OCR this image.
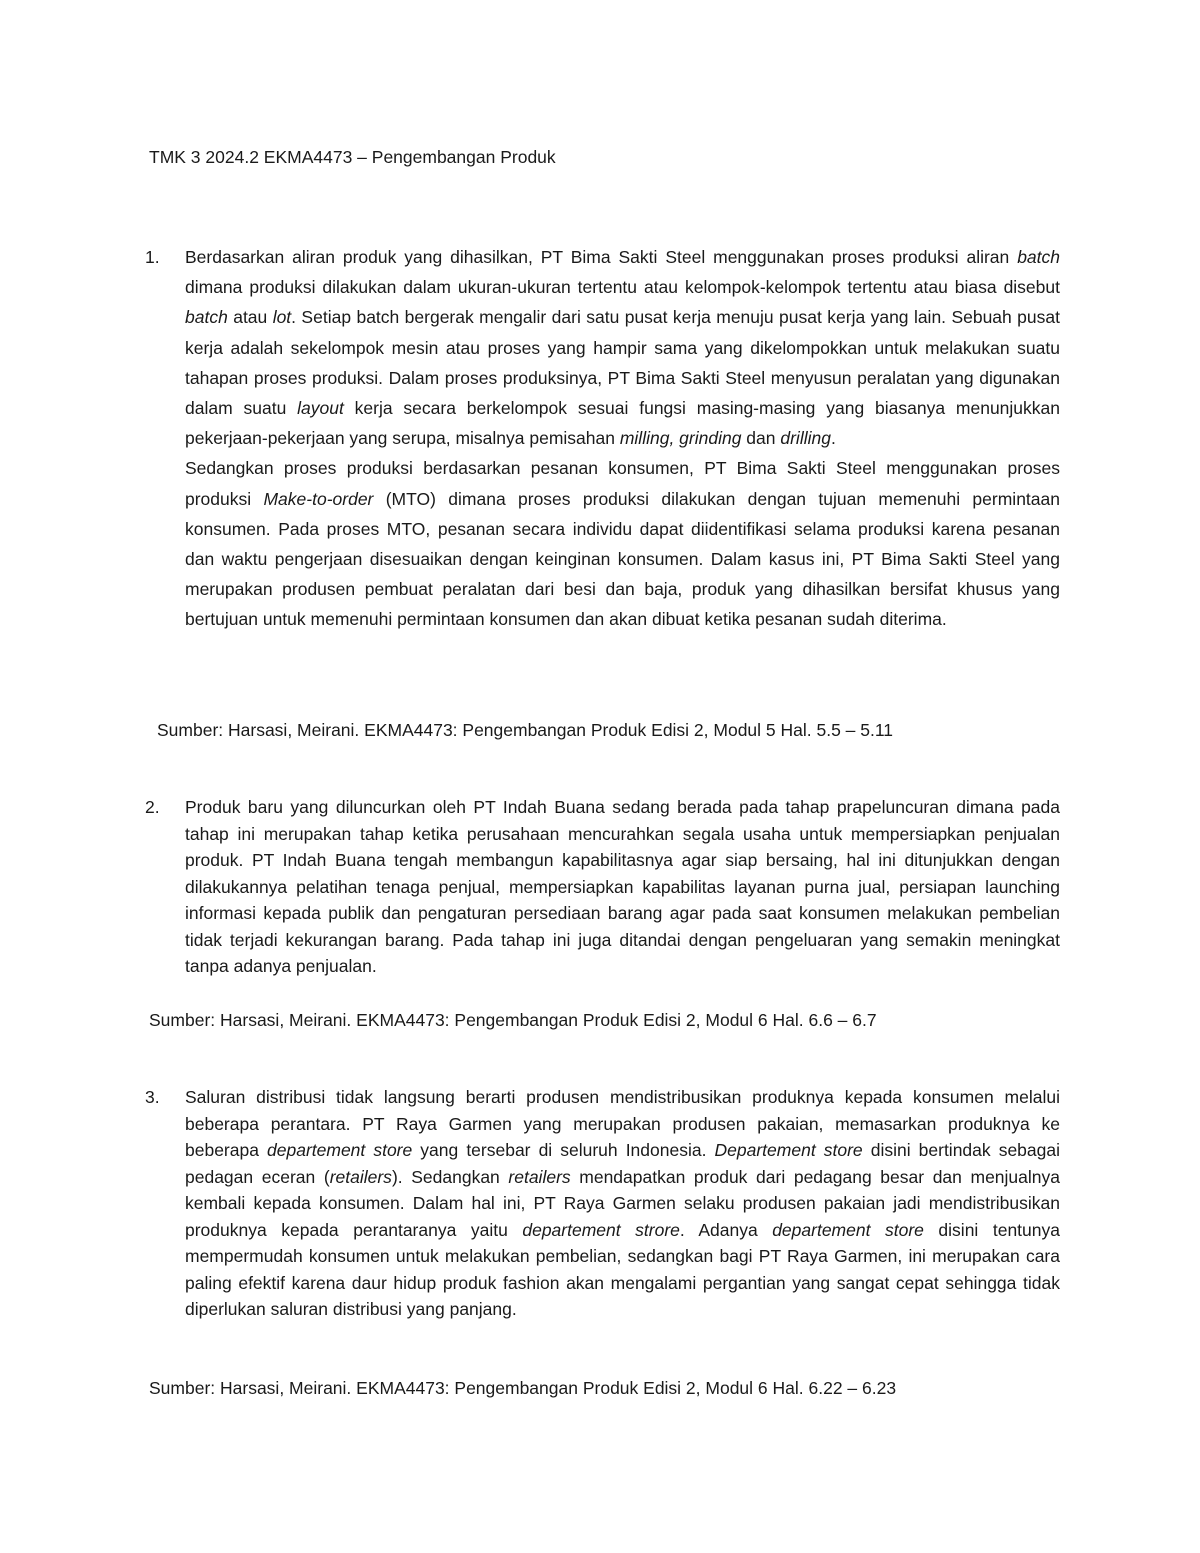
TMK 3 2024.2 EKMA4473 – Pengembangan Produk
1.	Berdasarkan aliran produk yang dihasilkan, PT Bima Sakti Steel menggunakan proses produksi aliran batch dimana produksi dilakukan dalam ukuran-ukuran tertentu atau kelompok-kelompok tertentu atau biasa disebut batch atau lot. Setiap batch bergerak mengalir dari satu pusat kerja menuju pusat kerja yang lain. Sebuah pusat kerja adalah sekelompok mesin atau proses yang hampir sama yang dikelompokkan untuk melakukan suatu tahapan proses produksi. Dalam proses produksinya, PT Bima Sakti Steel menyusun peralatan yang digunakan dalam suatu layout kerja secara berkelompok sesuai fungsi masing-masing yang biasanya menunjukkan pekerjaan-pekerjaan yang serupa, misalnya pemisahan milling, grinding dan drilling.

Sedangkan proses produksi berdasarkan pesanan konsumen, PT Bima Sakti Steel menggunakan proses produksi Make-to-order (MTO) dimana proses produksi dilakukan dengan tujuan memenuhi permintaan konsumen. Pada proses MTO, pesanan secara individu dapat diidentifikasi selama produksi karena pesanan dan waktu pengerjaan disesuaikan dengan keinginan konsumen. Dalam kasus ini, PT Bima Sakti Steel yang merupakan produsen pembuat peralatan dari besi dan baja, produk yang dihasilkan bersifat khusus yang bertujuan untuk memenuhi permintaan konsumen dan akan dibuat ketika pesanan sudah diterima.

Sumber: Harsasi, Meirani. EKMA4473: Pengembangan Produk Edisi 2, Modul 5 Hal. 5.5 – 5.11
2.	Produk baru yang diluncurkan oleh PT Indah Buana sedang berada pada tahap prapeluncuran dimana pada tahap ini merupakan tahap ketika perusahaan mencurahkan segala usaha untuk mempersiapkan penjualan produk. PT Indah Buana tengah membangun kapabilitasnya agar siap bersaing, hal ini ditunjukkan dengan dilakukannya pelatihan tenaga penjual, mempersiapkan kapabilitas layanan purna jual, persiapan launching informasi kepada publik dan pengaturan persediaan barang agar pada saat konsumen melakukan pembelian tidak terjadi kekurangan barang. Pada tahap ini juga ditandai dengan pengeluaran yang semakin meningkat tanpa adanya penjualan.

Sumber: Harsasi, Meirani. EKMA4473: Pengembangan Produk Edisi 2, Modul 6 Hal. 6.6 – 6.7
3.	Saluran distribusi tidak langsung berarti produsen mendistribusikan produknya kepada konsumen melalui beberapa perantara. PT Raya Garmen yang merupakan produsen pakaian, memasarkan produknya ke beberapa departement store yang tersebar di seluruh Indonesia. Departement store disini bertindak sebagai pedagan eceran (retailers). Sedangkan retailers mendapatkan produk dari pedagang besar dan menjualnya kembali kepada konsumen. Dalam hal ini, PT Raya Garmen selaku produsen pakaian jadi mendistribusikan produknya kepada perantaranya yaitu departement strore. Adanya departement store disini tentunya mempermudah konsumen untuk melakukan pembelian, sedangkan bagi PT Raya Garmen, ini merupakan cara paling efektif karena daur hidup produk fashion akan mengalami pergantian yang sangat cepat sehingga tidak diperlukan saluran distribusi yang panjang.

Sumber: Harsasi, Meirani. EKMA4473: Pengembangan Produk Edisi 2, Modul 6 Hal. 6.22 – 6.23
